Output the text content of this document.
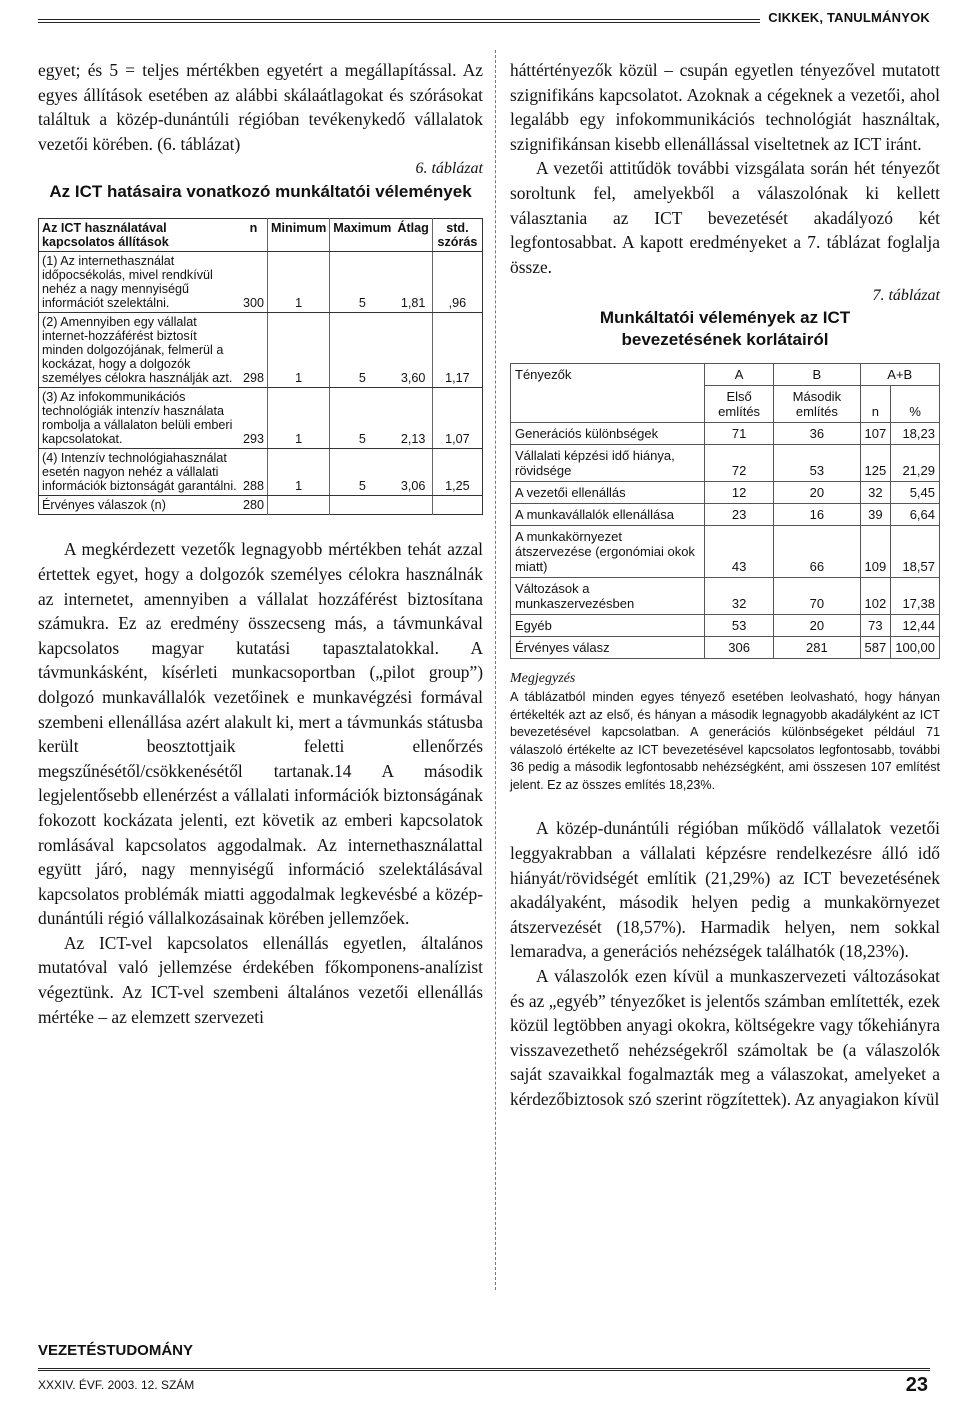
CIKKEK, TANULMÁNYOK

egyet; és 5 = teljes mértékben egyetért a megállapítással. Az egyes állítások esetében az alábbi skálaátlagokat és szórásokat találtuk a közép-dunántúli régióban tevékenykedő vállalatok vezetői körében. (6. táblázat)

6. táblázat
Az ICT hatásaira vonatkozó munkáltatói vélemények
Az ICT használatával kapcsolatos állítások	n	Minimum	Maximum	Átlag	std. szórás
(1) Az internethasználat időpocsékolás, mivel rendkívül nehéz a nagy mennyiségű információt szelektálni.	300	1	5	1,81	,96
(2) Amennyiben egy vállalat internet-hozzáférést biztosít minden dolgozójának, felmerül a kockázat, hogy a dolgozók személyes célokra használják azt.	298	1	5	3,60	1,17
(3) Az infokommunikációs technológiák intenzív használata rombolja a vállalaton belüli emberi kapcsolatokat.	293	1	5	2,13	1,07
(4) Intenzív technológiahasználat esetén nagyon nehéz a vállalati információk biztonságát garantálni.	288	1	5	3,06	1,25
Érvényes válaszok (n)	280				

A megkérdezett vezetők legnagyobb mértékben tehát azzal értettek egyet, hogy a dolgozók személyes célokra használnák az internetet, amennyiben a vállalat hozzáférést biztosítana számukra. Ez az eredmény összecseng más, a távmunkával kapcsolatos magyar kutatási tapasztalatokkal. A távmunkásként, kísérleti munkacsoportban („pilot group”) dolgozó munkavállalók vezetőinek e munkavégzési formával szembeni ellenállása azért alakult ki, mert a távmunkás státusba került beosztottjaik feletti ellenőrzés megszűnésétől/csökkenésétől tartanak.14 A második legjelentősebb ellenérzést a vállalati információk biztonságának fokozott kockázata jelenti, ezt követik az emberi kapcsolatok romlásával kapcsolatos aggodalmak. Az internethasználattal együtt járó, nagy mennyiségű információ szelektálásával kapcsolatos problémák miatti aggodalmak legkevésbé a közép-dunántúli régió vállalkozásainak körében jellemzőek.

Az ICT-vel kapcsolatos ellenállás egyetlen, általános mutatóval való jellemzése érdekében főkomponens-analízist végeztünk. Az ICT-vel szembeni általános vezetői ellenállás mértéke – az elemzett szervezeti

háttértényezők közül – csupán egyetlen tényezővel mutatott szignifikáns kapcsolatot. Azoknak a cégeknek a vezetői, ahol legalább egy infokommunikációs technológiát használtak, szignifikánsan kisebb ellenállással viseltetnek az ICT iránt.

A vezetői attitűdök további vizsgálata során hét tényezőt soroltunk fel, amelyekből a válaszolónak ki kellett választania az ICT bevezetését akadályozó két legfontosabbat. A kapott eredményeket a 7. táblázat foglalja össze.

7. táblázat
Munkáltatói vélemények az ICT bevezetésének korlátairól
Tényezők	A	B	A+B	
	Első említés	Második említés	n	%
Generációs különbségek	71	36	107	18,23
Vállalati képzési idő hiánya, rövidsége	72	53	125	21,29
A vezetői ellenállás	12	20	32	5,45
A munkavállalók ellenállása	23	16	39	6,64
A munkakörnyezet átszervezése (ergonómiai okok miatt)	43	66	109	18,57
Változások a munkaszervezésben	32	70	102	17,38
Egyéb	53	20	73	12,44
Érvényes válasz	306	281	587	100,00
Megjegyzés

A táblázatból minden egyes tényező esetében leolvasható, hogy hányan értékelték azt az első, és hányan a második legnagyobb akadályként az ICT bevezetésével kapcsolatban. A generációs különbségeket például 71 válaszoló értékelte az ICT bevezetésével kapcsolatos legfontosabb, további 36 pedig a második legfontosabb nehézségként, ami összesen 107 említést jelent. Ez az összes említés 18,23%.

A közép-dunántúli régióban működő vállalatok vezetői leggyakrabban a vállalati képzésre rendelkezésre álló idő hiányát/rövidségét említik (21,29%) az ICT bevezetésének akadályaként, második helyen pedig a munkakörnyezet átszervezését (18,57%). Harmadik helyen, nem sokkal lemaradva, a generációs nehézségek találhatók (18,23%).

A válaszolók ezen kívül a munkaszervezeti változásokat és az „egyéb” tényezőket is jelentős számban említették, ezek közül legtöbben anyagi okokra, költségekre vagy tőkehiányra visszavezethető nehézségekről számoltak be (a válaszolók saját szavaikkal fogalmazták meg a válaszokat, amelyeket a kérdezőbiztosok szó szerint rögzítettek). Az anyagiakon kívül

VEZETÉSTUDOMÁNY
XXXIV. ÉVF. 2003. 12. SZÁM	23
